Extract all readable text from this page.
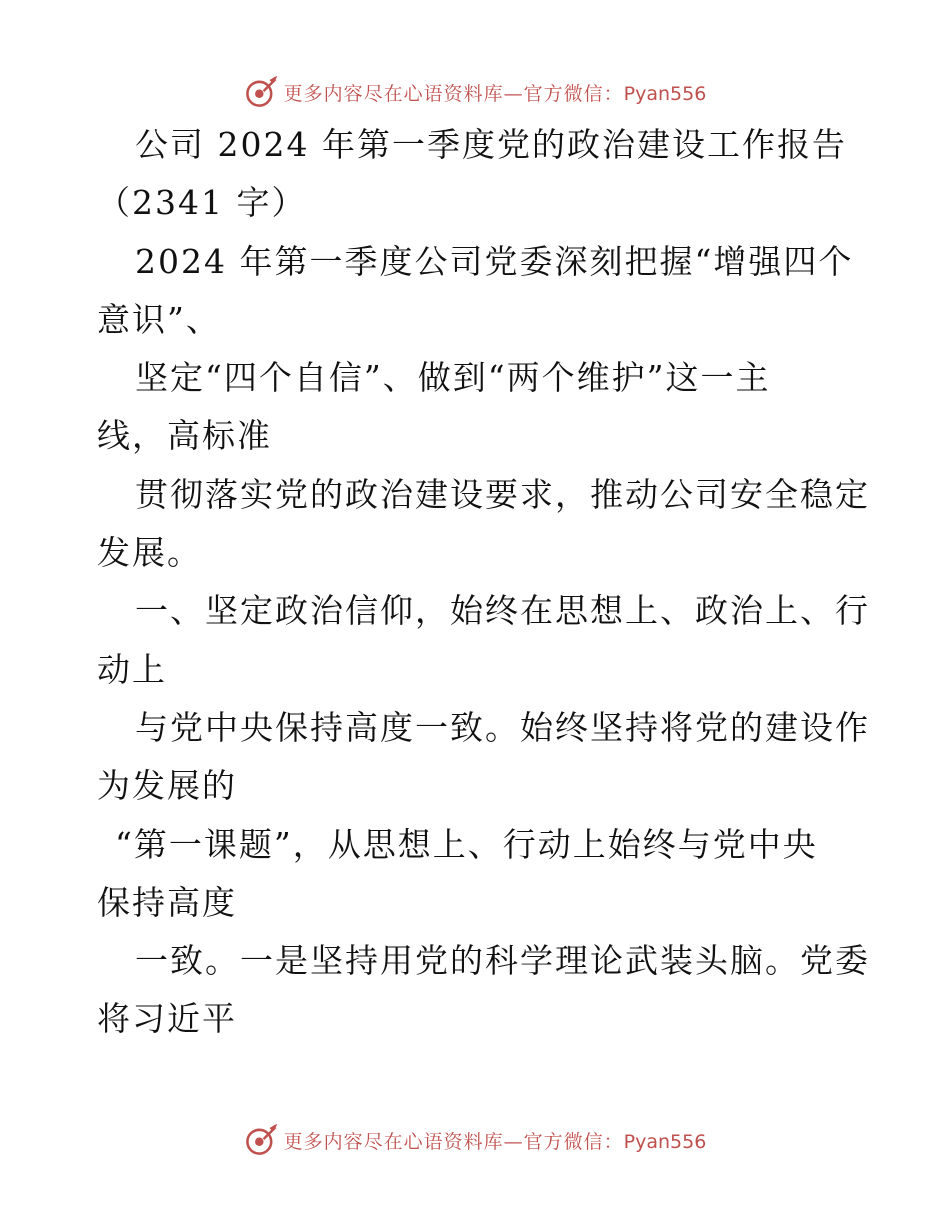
更多内容尽在心语资料库—官方微信：Pyan556
公司 2024 年第一季度党的政治建设工作报告
（2341 字）
2024 年第一季度公司党委深刻把握“增强四个
意识”、
坚定“四个自信”、做到“两个维护”这一主
线，高标准
贯彻落实党的政治建设要求，推动公司安全稳定
发展。
一、坚定政治信仰，始终在思想上、政治上、行
动上
与党中央保持高度一致。始终坚持将党的建设作
为发展的
“第一课题”，从思想上、行动上始终与党中央
保持高度
一致。一是坚持用党的科学理论武装头脑。党委
将习近平
更多内容尽在心语资料库—官方微信：Pyan556
